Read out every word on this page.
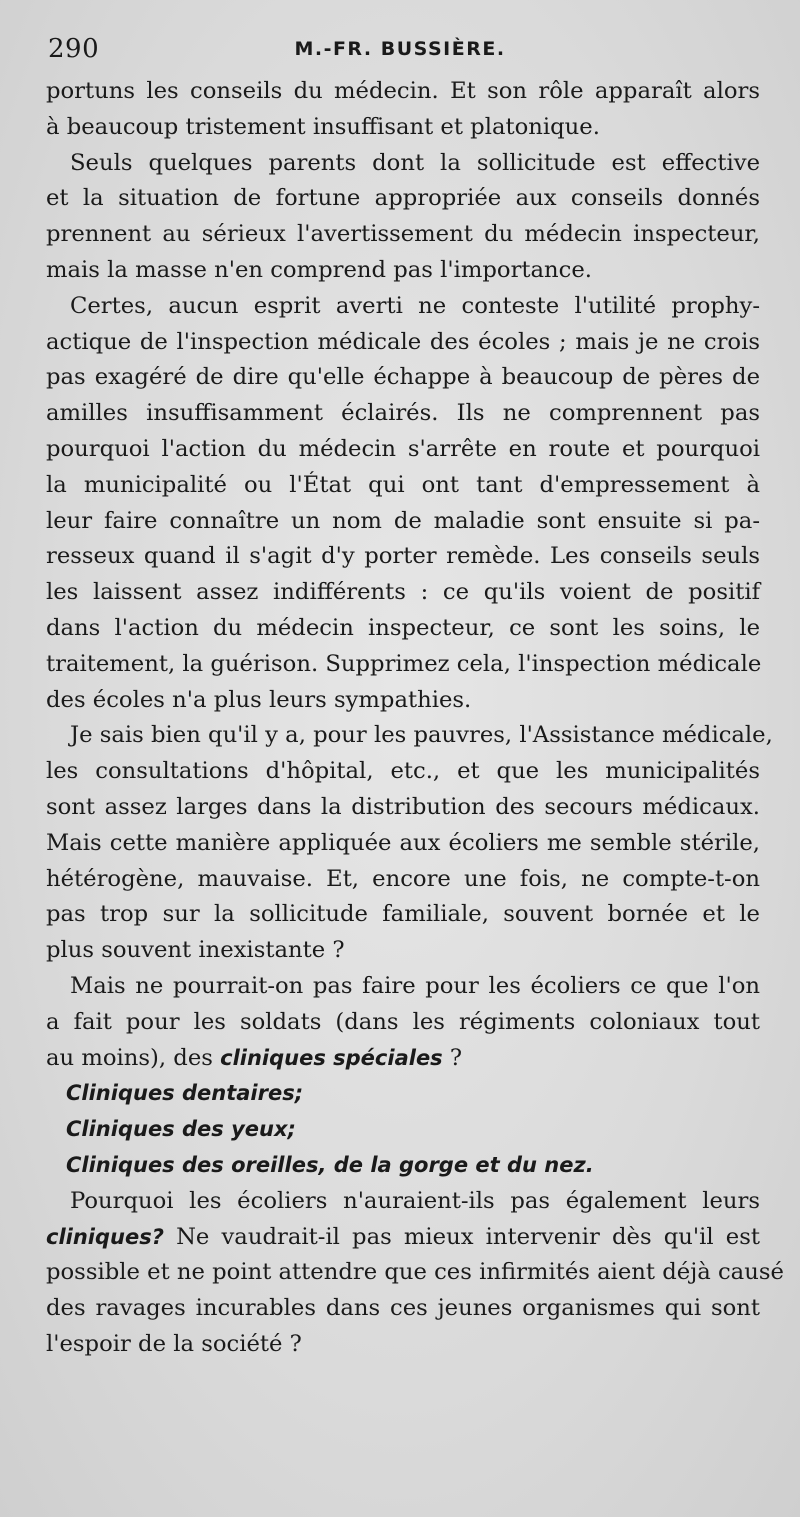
290	M.-FR. BUSSIÈRE.

portuns les conseils du médecin. Et son rôle apparaît alors
à beaucoup tristement insuffisant et platonique.

Seuls quelques parents dont la sollicitude est effective
et la situation de fortune appropriée aux conseils donnés
prennent au sérieux l'avertissement du médecin inspecteur,
mais la masse n'en comprend pas l'importance.

Certes, aucun esprit averti ne conteste l'utilité prophy-
actique de l'inspection médicale des écoles ; mais je ne crois
pas exagéré de dire qu'elle échappe à beaucoup de pères de
amilles insuffisamment éclairés. Ils ne comprennent pas
pourquoi l'action du médecin s'arrête en route et pourquoi
la municipalité ou l'État qui ont tant d'empressement à
leur faire connaître un nom de maladie sont ensuite si pa-
resseux quand il s'agit d'y porter remède. Les conseils seuls
les laissent assez indifférents : ce qu'ils voient de positif
dans l'action du médecin inspecteur, ce sont les soins, le
traitement, la guérison. Supprimez cela, l'inspection médicale
des écoles n'a plus leurs sympathies.

Je sais bien qu'il y a, pour les pauvres, l'Assistance médicale,
les consultations d'hôpital, etc., et que les municipalités
sont assez larges dans la distribution des secours médicaux.
Mais cette manière appliquée aux écoliers me semble stérile,
hétérogène, mauvaise. Et, encore une fois, ne compte-t-on
pas trop sur la sollicitude familiale, souvent bornée et le
plus souvent inexistante ?

Mais ne pourrait-on pas faire pour les écoliers ce que l'on
a fait pour les soldats (dans les régiments coloniaux tout
au moins), des cliniques spéciales ?

Cliniques dentaires;
Cliniques des yeux;
Cliniques des oreilles, de la gorge et du nez.

Pourquoi les écoliers n'auraient-ils pas également leurs
cliniques? Ne vaudrait-il pas mieux intervenir dès qu'il est
possible et ne point attendre que ces infirmités aient déjà causé
des ravages incurables dans ces jeunes organismes qui sont
l'espoir de la société ?
